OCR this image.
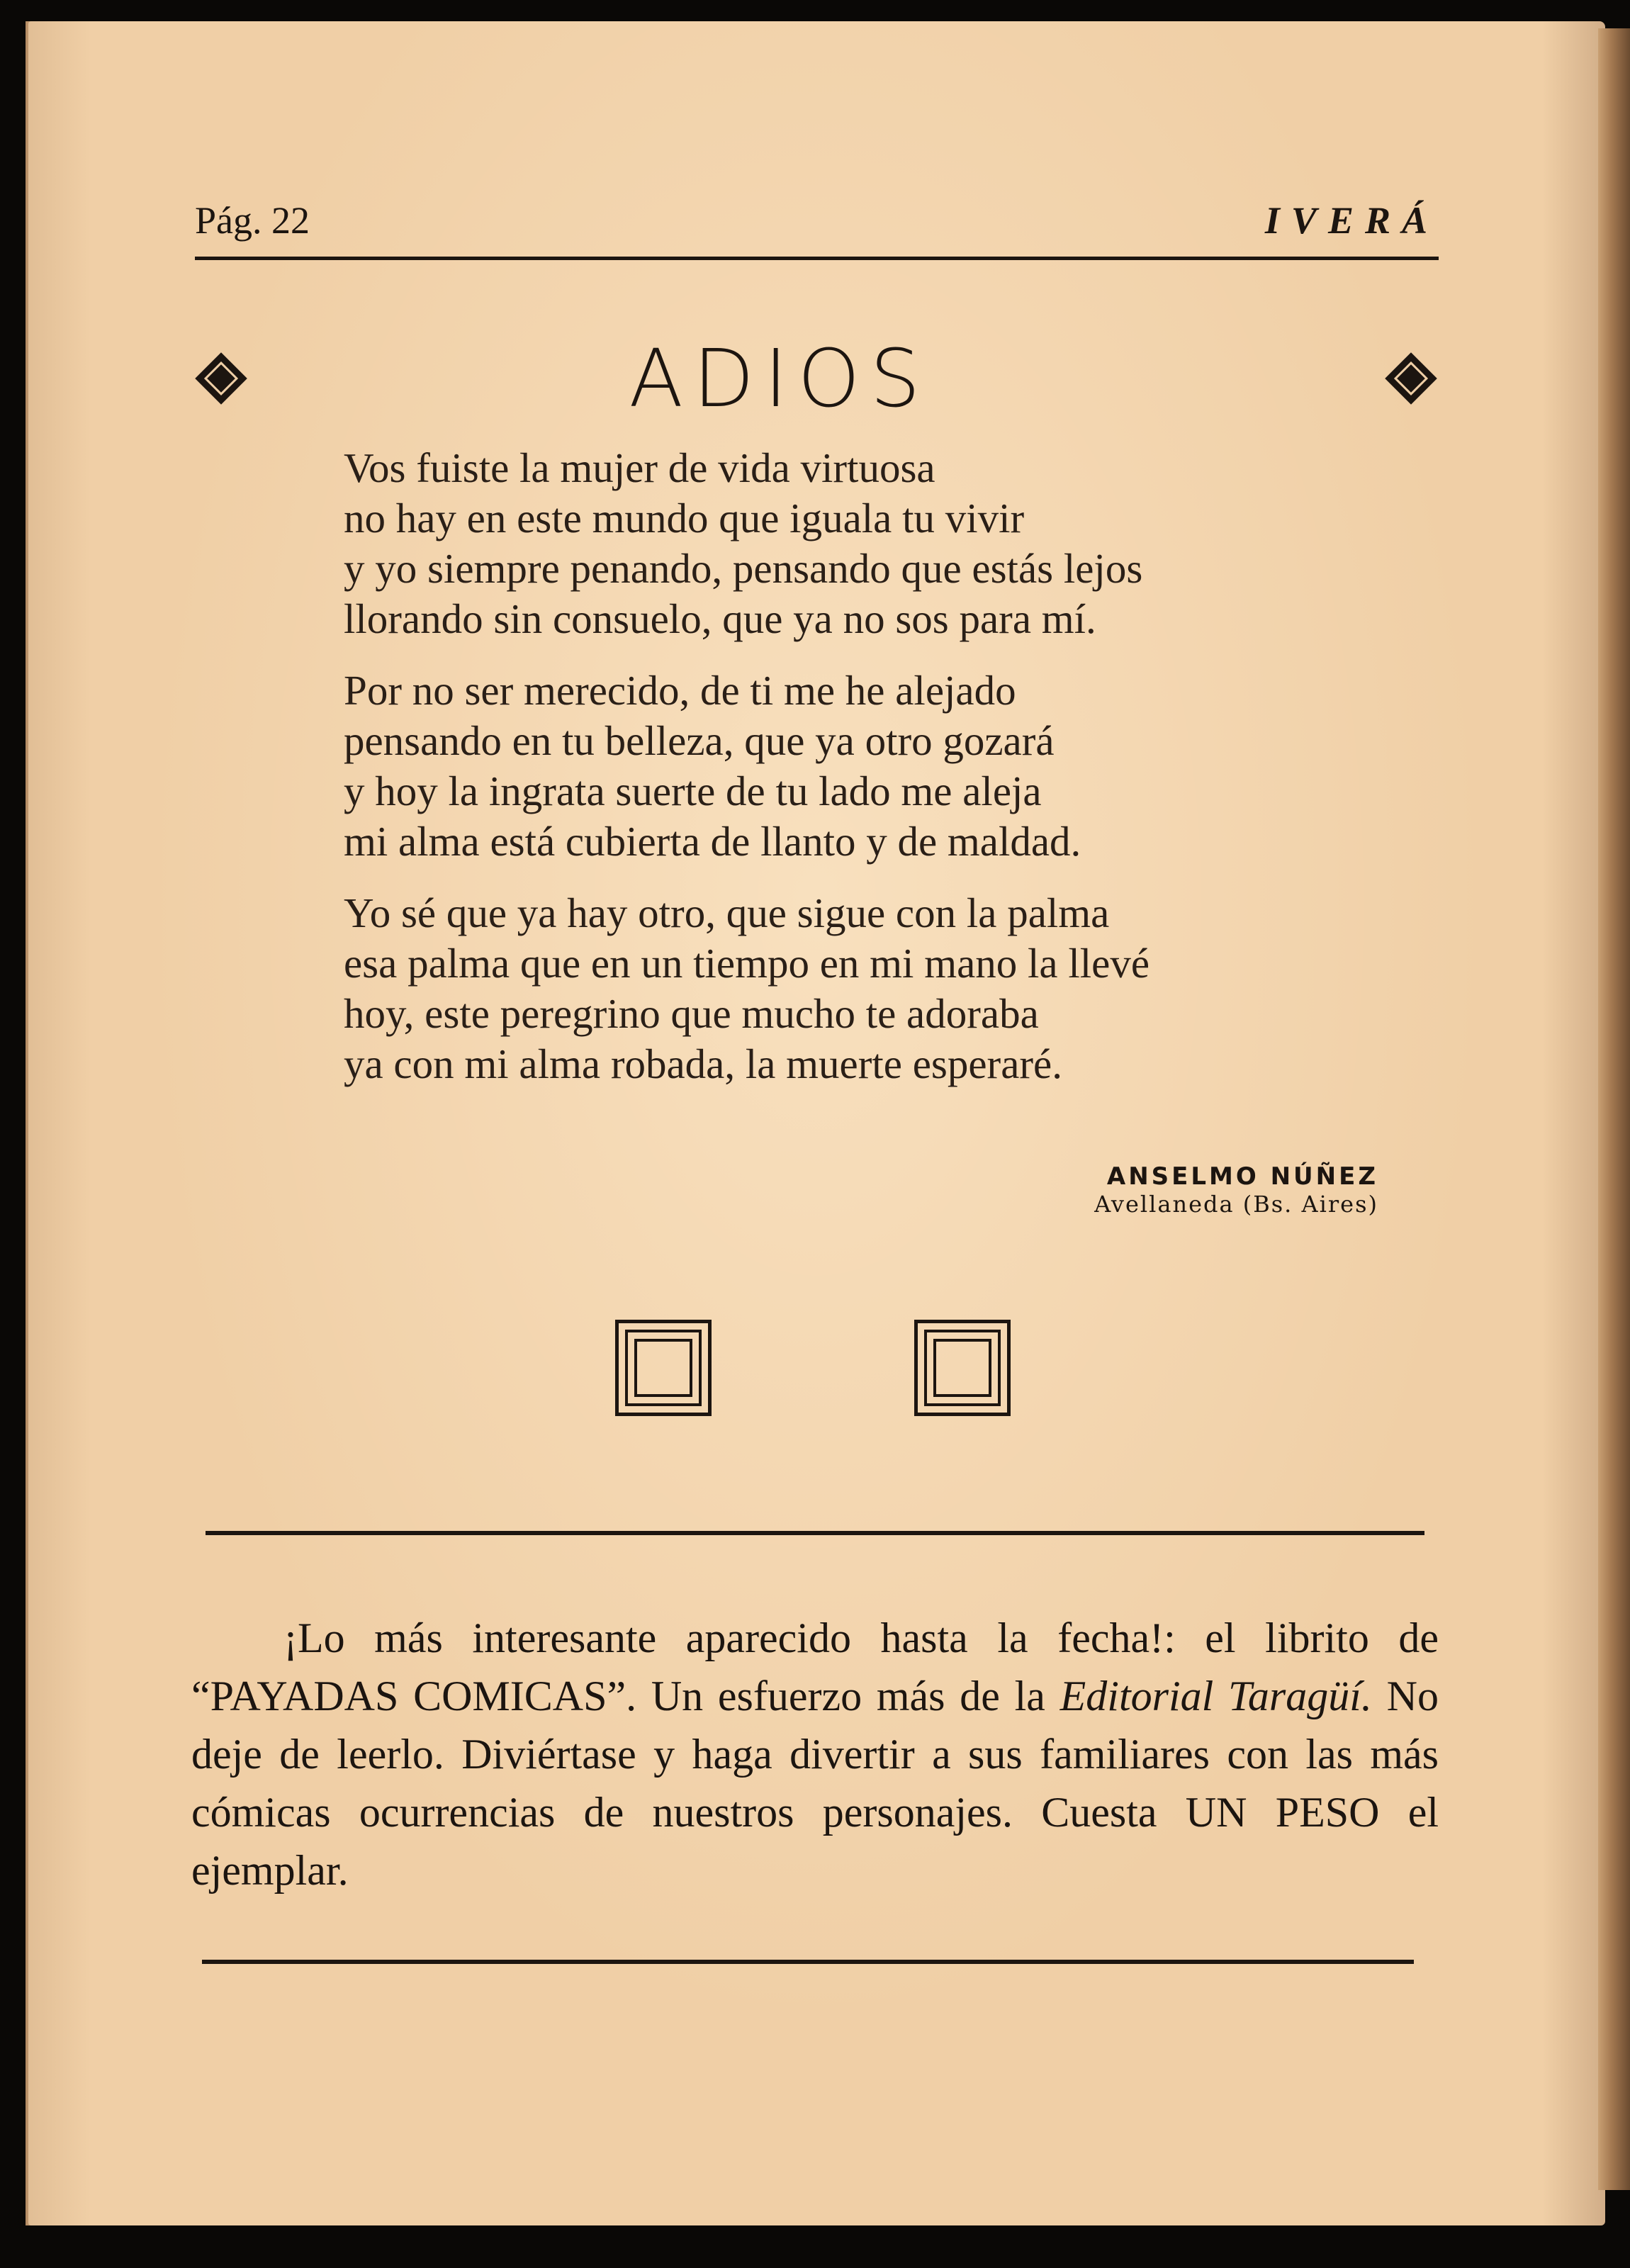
Pág. 22	IVERÁ
ADIOS
Vos fuiste la mujer de vida virtuosa
no hay en este mundo que iguala tu vivir
y yo siempre penando, pensando que estás lejos
llorando sin consuelo, que ya no sos para mí.
Por no ser merecido, de ti me he alejado
pensando en tu belleza, que ya otro gozará
y hoy la ingrata suerte de tu lado me aleja
mi alma está cubierta de llanto y de maldad.
Yo sé que ya hay otro, que sigue con la palma
esa palma que en un tiempo en mi mano la llevé
hoy, este peregrino que mucho te adoraba
ya con mi alma robada, la muerte esperaré.
ANSELMO NÚÑEZ
Avellaneda (Bs. Aires)
¡Lo más interesante aparecido hasta la fecha!: el librito de “PAYADAS COMICAS”. Un esfuerzo más de la Editorial Taragüí. No deje de leerlo. Diviértase y haga divertir a sus familiares con las más cómicas ocurrencias de nuestros personajes. Cuesta UN PESO el ejemplar.
